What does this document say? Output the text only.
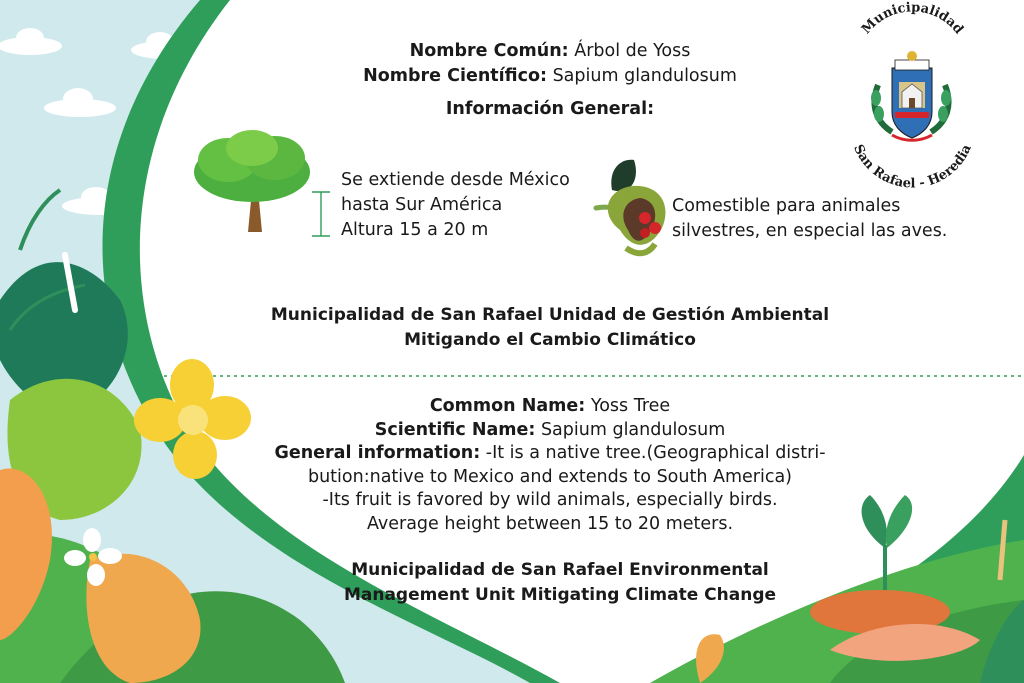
Municipalidad
San Rafael - Heredia
Nombre Común: Árbol de Yoss
Nombre Científico: Sapium glandulosum
Información General:
Se extiende desde México
hasta Sur América
Altura 15 a 20 m
Comestible para animales
silvestres, en especial las aves.
Municipalidad de San Rafael Unidad de Gestión Ambiental
Mitigando el Cambio Climático
Common Name: Yoss Tree
Scientific Name: Sapium glandulosum
General information: -It is a native tree.(Geographical distri-
bution:native to Mexico and extends to South America)
-Its fruit is favored by wild animals, especially birds.
Average height between 15 to 20 meters.
Municipalidad de San Rafael Environmental
Management Unit Mitigating Climate Change
